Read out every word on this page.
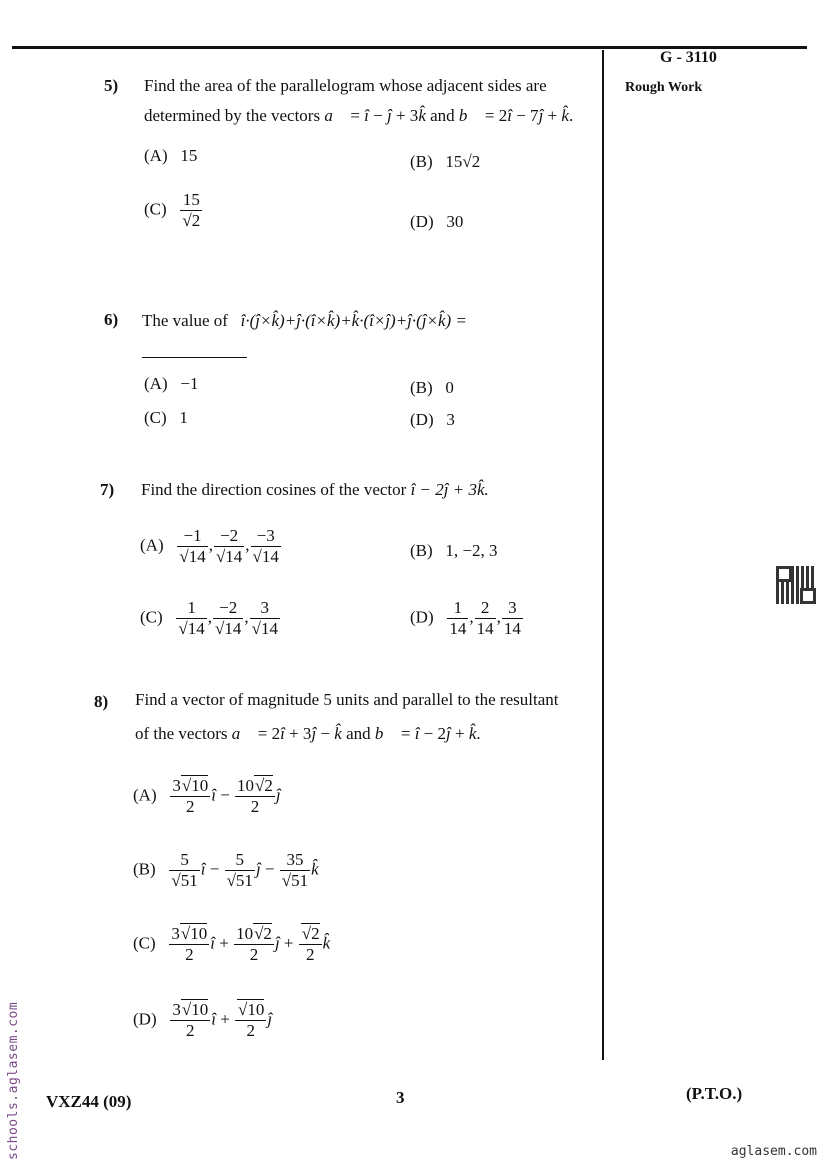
G - 3110
Rough Work
5) Find the area of the parallelogram whose adjacent sides are
determined by the vectors a⃗ = î − ĵ + 3k̂ and b⃗ = 2î − 7ĵ + k̂.
(A) 15	(B) 15√2
$(C) \frac{15}{√2}$	(D) 30
6) The value of î·(ĵ×k̂)+ĵ·(î×k̂)+k̂·(î×ĵ)+ĵ·(ĵ×k̂) =
(A) −1	(B) 0
(C) 1	(D) 3
7) Find the direction cosines of the vector î − 2ĵ + 3k̂.
$(A) \frac{-1}{√14}$ , $\frac{-2}{√14}$ , $\frac{-3}{√14}$	(B) 1, −2, 3
$(C) \frac{1}{√14}$ , $\frac{-2}{√14}$ , $\frac{3}{√14}$	$(D) \frac{1}{14}$ , $\frac{2}{14}$ , $\frac{3}{14}$
8) Find a vector of magnitude 5 units and parallel to the resultant
of the vectors a⃗ = 2î + 3ĵ − k̂ and b⃗ = î − 2ĵ + k̂.
$(A) \frac{3√10}{2}$ î − $\frac{10√2}{2}$ ĵ
$(B) \frac{5}{√51}$ î − $\frac{5}{√51}$ ĵ − $\frac{35}{√51}$ k̂
$(C) \frac{3√10}{2}$ î + $\frac{10√2}{2}$ ĵ + $\frac{√2}{2}$ k̂
$(D) \frac{3√10}{2}$ î + $\frac{√10}{2}$ ĵ
VXZ44 (09)	3	(P.T.O.)
schools.aglasem.com	aglasem.com
